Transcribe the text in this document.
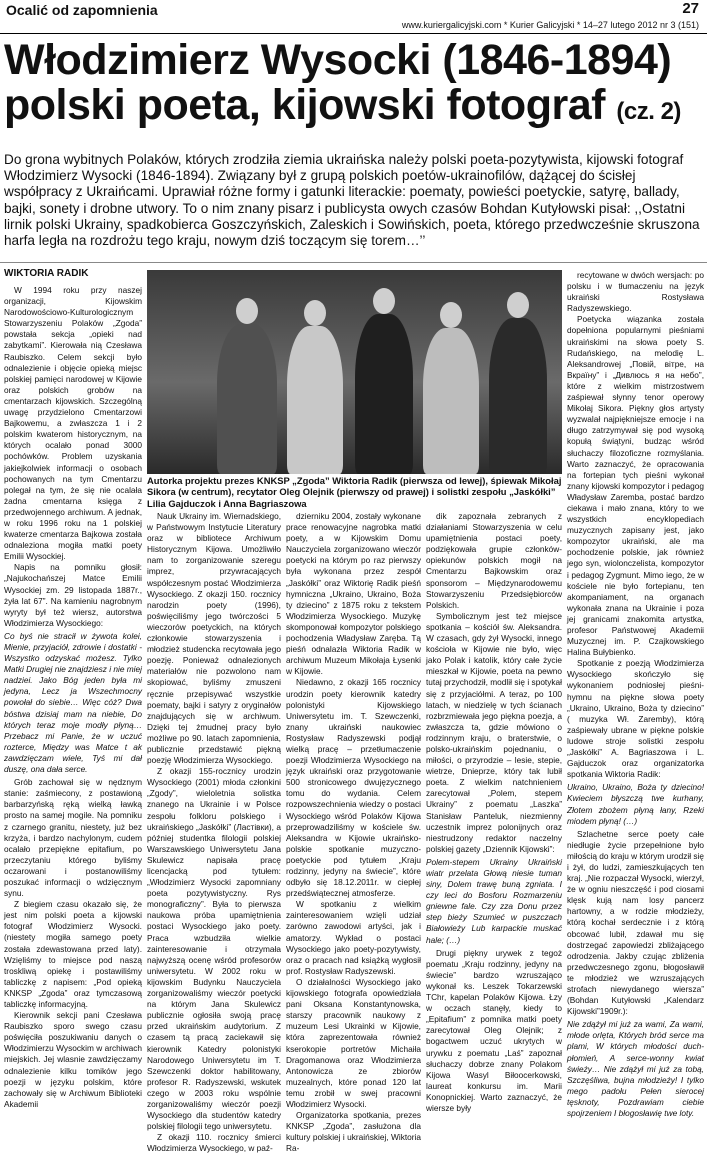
Ocalić od zapomnienia	27
www.kuriergalicyjski.com * Kurier Galicyjski * 14–27 lutego 2012 nr 3 (151)
Włodzimierz Wysocki (1846-1894)
polski poeta, kijowski fotograf (cz. 2)
Do grona wybitnych Polaków, których zrodziła ziemia ukraińska należy polski poeta-pozytywista, kijowski fotograf Włodzimierz Wysocki (1846-1894). Związany był z grupą polskich poetów-ukrainofilów, dążącej do ścisłej współpracy z Ukraińcami. Uprawiał różne formy i gatunki literackie: poematy, powieści poetyckie, satyrę, ballady, bajki, sonety i drobne utwory. To o nim znany pisarz i publicysta owych czasów Bohdan Kutyłowski pisał: ,,Ostatni lirnik polski Ukrainy, spadkobierca Goszczyńskich, Zaleskich i Sowińskich, poeta, którego przedwcześnie skruszona harfa legła na rozdrożu tego kraju, nowym dziś toczącym się torem…’’
WIKTORIA RADIK
Autorka projektu prezes KNKSP „Zgoda” Wiktoria Radik (pierwsza od lewej), śpiewak Mikołaj Sikora (w centrum), recytator Oleg Olejnik (pierwszy od prawej) i solistki zespołu „Jaskółki” Lilia Gajduczok i Anna Bagriaszowa

W 1994 roku przy naszej organizacji, Kijowskim Narodowościowo-Kulturologicznym Stowarzyszeniu Polaków „Zgoda” powstała sekcja „opieki nad zabytkami”. Kierowała nią Czesława Raubiszko. Celem sekcji było odnalezienie i objęcie opieką miejsc polskiej pamięci narodowej w Kijowie oraz polskich grobów na cmentarzach kijowskich. Szczególną uwagę przydzielono Cmentarzowi Bajkowemu, a zwłaszcza 1 i 2 polskim kwaterom historycznym, na których ocalało ponad 3000 pochówków. Problem uzyskania jakiejkolwiek informacji o osobach pochowanych na tym Cmentarzu polegał na tym, że się nie ocalała żadna cmentarna księga z przedwojennego archiwum. A jednak, w roku 1996 roku na 1 polskiej kwaterze cmentarza Bajkowa została odnaleziona mogiła matki poety Emilii Wysockiej.

Napis na pomniku głosił: „Najukochańszej Matce Emilii Wysockiej zm. 29 listopada 1887r., żyła lat 67”. Na kamieniu nagrobnym wyryty był też wiersz, autorstwa Włodzimierza Wysockiego:

Co byś nie stracił w żywota kolei, Mienie, przyjaciół, zdrowie i dostatki - Wszystko odzyskać możesz. Tylko Matki Drugiej nie znajdziesz i nie miej nadziei. Jako Bóg jeden była mi jedyna, Lecz ja Wszechmocny powołał do siebie… Więc cóż? Dwa bóstwa dzisiaj mam na niebie, Do których teraz moje modły płyną… Przebacz mi Panie, że w uczuć rozterce, Między was Matce t ak zawdzięczam wiele, Tyś mi dał duszę, ona dała serce.

Grób zachował się w nędznym stanie: zaśmiecony, z postawioną barbarzyńską ręką wielką ławką prosto na samej mogile. Na pomniku z czarnego granitu, niestety, już bez krzyża, i bardzo nachylonym, cudem ocalało przepiękne epitafium, po przeczytaniu którego byliśmy oczarowani i postanowiliśmy poszukać informacji o wdzięcznym synu.

Z biegiem czasu okazało się, że jest nim polski poeta a kijowski fotograf Włodzimierz Wysocki. (niestety mogiła samego poety została zdewastowana przed laty). Wzięliśmy to miejsce pod naszą troskliwą opiekę i postawiliśmy tabliczkę z napisem: „Pod opieką KNKSP „Zgoda” oraz tymczasową tabliczkę informacyjną.

Kierownik sekcji pani Czesława Raubiszko sporo swego czasu poświęciła poszukiwaniu danych o Włodzimierzu Wysockim w archiwach miejskich. Jej wlasnie zawdzięczamy odnalezienie kilku tomików jego poezji w języku polskim, które zachowały się w Archiwum Biblioteki Akademii

Nauk Ukrainy im. Wiernadskiego, w Państwowym Instytucie Literatury oraz w bibliotece Archiwum Historycznym Kijowa. Umożliwiło nam to zorganizowanie szeregu imprez, przywracających współczesnym postać Włodzimierza Wysockiego. Z okazji 150. rocznicy narodzin poety (1996), poświęciliśmy jego twórczości 5 wieczorów poetyckich, na których członkowie stowarzyszenia i młodzież studencka recytowała jego poezję. Ponieważ odnalezionych materiałów nie pozwolono nam skopiować, byliśmy zmuszeni ręcznie przepisywać wszystkie poematy, bajki i satyry z oryginałów znajdujących się w archiwum. Dzięki tej żmudnej pracy było możliwe po 90. latach zapomnienia, publicznie przedstawić piękną poezję Włodzimierza Wysockiego.

Z okazji 155-rocznicy urodzin Wysockiego (2001) młoda członkini „Zgody”, wieloletnia solistka znanego na Ukrainie i w Polsce zespołu folkloru polskiego i ukraińskiego „Jaskółki” (Ластівки), a później studentka filologii polskiej Warszawskiego Uniwersytetu Jana Skulewicz napisała pracę licencjacką pod tytułem: „Włodzimierz Wysocki zapomniany poeta pozytywistyczny. Rys monograficzny”. Była to pierwsza naukowa próba upamiętnienia postaci Wysockiego jako poety. Praca wzbudziła wielkie zainteresowanie i otrzymała najwyższą ocenę wśród profesorów uniwersytetu. W 2002 roku w kijowskim Budynku Nauczyciela zorganizowaliśmy wieczór poetycki na którym Jana Skulewicz publicznie ogłosiła swoją pracę przed ukraińskim audytorium. Z czasem tą pracą zaciekawił się kierownik Katedry polonistyki Narodowego Uniwersytetu im T. Szewczenki doktor habilitowany, profesor R. Radyszewski, wskutek czego w 2003 roku wspólnie zorganizowaliśmy wieczór poezji Wysockiego dla studentów katedry polskiej filologii tego uniwersytetu.

Z okazji 110. rocznicy śmierci Włodzimierza Wysockiego, w paź-

dzierniku 2004, zostały wykonane prace renowacyjne nagrobka matki poety, a w Kijowskim Domu Nauczyciela zorganizowano wieczór poetycki na którym po raz pierwszy była wykonana przez zespół „Jaskółki” oraz Wiktorię Radik pieśń hymniczna „Ukraino, Ukraino, Boża ty dziecino” z 1875 roku z tekstem Włodzimierza Wysockiego. Muzykę skomponował kompozytor polskiego pochodzenia Władysław Zaręba. Tą pieśń odnalazła Wiktoria Radik w archiwum Muzeum Mikołaja Łysenki w Kijowie.

Niedawno, z okazji 165 rocznicy urodzin poety kierownik katedry polonistyki Kijowskiego Uniwersytetu im. T. Szewczenki, znany ukraiński naukowiec Rostysław Radyszewski podjął wielką pracę – przetłumaczenie poezji Włodzimierza Wysockiego na język ukraiński oraz przygotowanie 500 stronicowego dwujęzycznego tomu do wydania. Celem rozpowszechnienia wiedzy o postaci Wysockiego wśród Polaków Kijowa przeprowadziliśmy w kościele św. Aleksandra w Kijowie ukraińsko-polskie spotkanie muzyczno-poetyckie pod tytułem „Kraju rodzinny, jedyny na świecie”, które odbyło się 18.12.2011r. w ciepłej przedświątecznej atmosferze.

W spotkaniu z wielkim zainteresowaniem wzięli udział zarówno zawodowi artyści, jak i amatorzy. Wykład o postaci Wysockiego jako poety-pozytywisty, oraz o pracach nad książką wygłosił prof. Rostysław Radyszewski.

O działalności Wysockiego jako kijowskiego fotografa opowiedziała pani Oksana Konstantynowska, starszy pracownik naukowy z muzeum Lesi Ukrainki w Kijowie, która zaprezentowała również kserokopie portretów Michaiła Dragomanowa oraz Włodzimierza Antonowicza ze zbiorów muzealnych, które ponad 120 lat temu zrobił w swej pracowni Włodzimierz Wysocki.

Organizatorka spotkania, prezes KNKSP „Zgoda”, zasłużona dla kultury polskiej i ukraińskiej, Wiktoria Ra-

dik zapoznała zebranych z działaniami Stowarzyszenia w celu upamiętnienia postaci poety, podziękowała grupie członków-opiekunów polskich mogił na Cmentarzu Bajkowskim oraz sponsorom – Międzynarodowemu Stowarzyszeniu Przedsiębiorców Polskich.

Symbolicznym jest też miejsce spotkania – kościół św. Aleksandra. W czasach, gdy żył Wysocki, innego kościoła w Kijowie nie było, więc jako Polak i katolik, który całe życie mieszkał w Kijowie, poeta na pewno tutaj przychodził, modlił się i spotykał się z przyjaciółmi. A teraz, po 100 latach, w niedzielę w tych ścianach rozbrzmiewała jego piękna poezja, a zwłaszcza ta, gdzie mówiono o rodzinnym kraju, o braterstwie, o polsko-ukraińskim pojednaniu, o miłości, o przyrodzie – lesie, stepie, wietrze, Dnieprze, który tak lubił poeta. Z wielkim natchnieniem zarecytował „Polem, stepem Ukrainy” z poematu „Laszka” Stanisław Panteluk, niezmienny uczestnik imprez polonijnych oraz niestrudzony redaktor naczelny polskiej gazety „Dziennik Kijowski”:

Polem-stepem Ukrainy Ukraiński wiatr przelata Głową niesie tuman siny, Dolem trawę buną zgniata. I czy leci do Bosforu Rozmarzeniu gniewne fale. Czy zza Donu przez step bieży Szumieć w puszczach Białowieży Lub karpackie muskać hale; (…)

Drugi piękny urywek z tegoż poematu „Kraju rodzinny, jedyny na świecie” bardzo wzruszająco wykonał ks. Leszek Tokarzewski TChr, kapelan Polaków Kijowa. Łzy w oczach stanęły, kiedy to „Epitafium” z pomnika matki poety zarecytował Oleg Olejnik; z bogactwem uczuć ukrytych w urywku z poematu „Laś” zapoznał słuchaczy dobrze znany Polakom Kijowa Wasyl Biłoocerkowski, laureat konkursu im. Marii Konopnickiej. Warto zaznaczyć, że wiersze były

recytowane w dwóch wersjach: po polsku i w tłumaczeniu na język ukraiński Rostysława Radyszewskiego.

Poetycka wiązanka została dopełniona popularnymi pieśniami ukraińskimi na słowa poety S. Rudańskiego, na melodię L. Aleksandrowej „Повій, вітре, на Вкраїну” i „Дивлюсь я на небо”, które z wielkim mistrzostwem zaśpiewał słynny tenor operowy Mikołaj Sikora. Piękny głos artysty wyzwalał najpiękniejsze emocje i na długo zatrzymywał się pod wysoką kopułą świątyni, budząc wśród słuchaczy filozoficzne rozmyślania. Warto zaznaczyć, że opracowania na fortepian tych pieśni wykonał znany kijowski kompozytor i pedagog Władysław Zaremba, postać bardzo ciekawa i mało znana, który to we wszystkich encyklopediach muzycznych zapisany jest, jako kompozytor ukraiński, ale ma pochodzenie polskie, jak również jego syn, wiolonczelista, kompozytor i pedagog Zygmunt. Mimo iego, że w kościele nie było fortepianu, ten akompaniament, na organach wykonała znana na Ukrainie i poza jej granicami znakomita artystka, profesor Państwowej Akademii Muzycznej im. P. Czajkowskiego Halina Bułybienko.

Spotkanie z poezją Włodzimierza Wysockiego skończyło się wykonaniem podniosłej pieśni-hymnu na piękne słowa poety „Ukraino, Ukraino, Boża ty dziecino” ( muzyka Wł. Zaremby), którą zaśpiewały ubrane w piękne polskie ludowe stroje solistki zespołu „Jaskółki” A. Bagriaszowa i L. Gajduczok oraz organizatorka spotkania Wiktoria Radik:

Ukraino, Ukraino, Boża ty dziecino! Kwieciem błyszczą twe kurhany, Złotem zbożem płyną łany, Rzeki miodem płyną! (…)

Szlachetne serce poety całe niedługie życie przepełnione było miłością do kraju w którym urodził się i żył, do ludzi, zamieszkujących ten kraj. „Nie rozpaczał Wysocki, wierzył, że w ogniu nieszczęść i pod ciosami klęsk kują nam losy pancerz hartowny, a w rodzie młodzieży, którą kochał serdecznie i z którą obcować lubił, zdawał mu się dostrzegać zapowiedzi zbliżającego odrodzenia. Jakby czując zbliżenia przedwczesnego zgonu, błogosławił te młodzież we wzruszających strofach niewydanego wiersza” (Bohdan Kutyłowski „Kalendarz Kijowski”1909r.):

Nie zdążył mi już za wami, Za wami, młode orlęta, Których bród serce ma plami, W których młodości duch-płomień, A serce-wonny kwiat świeży… Nie zdążył mi już za tobą, Szczęśliwa, bujna młodzieży! I tylko mego padołu Pełen sierocej tęsknoty, Pozdrawiam ciebie spojrzeniem I błogosławię twe loty.
